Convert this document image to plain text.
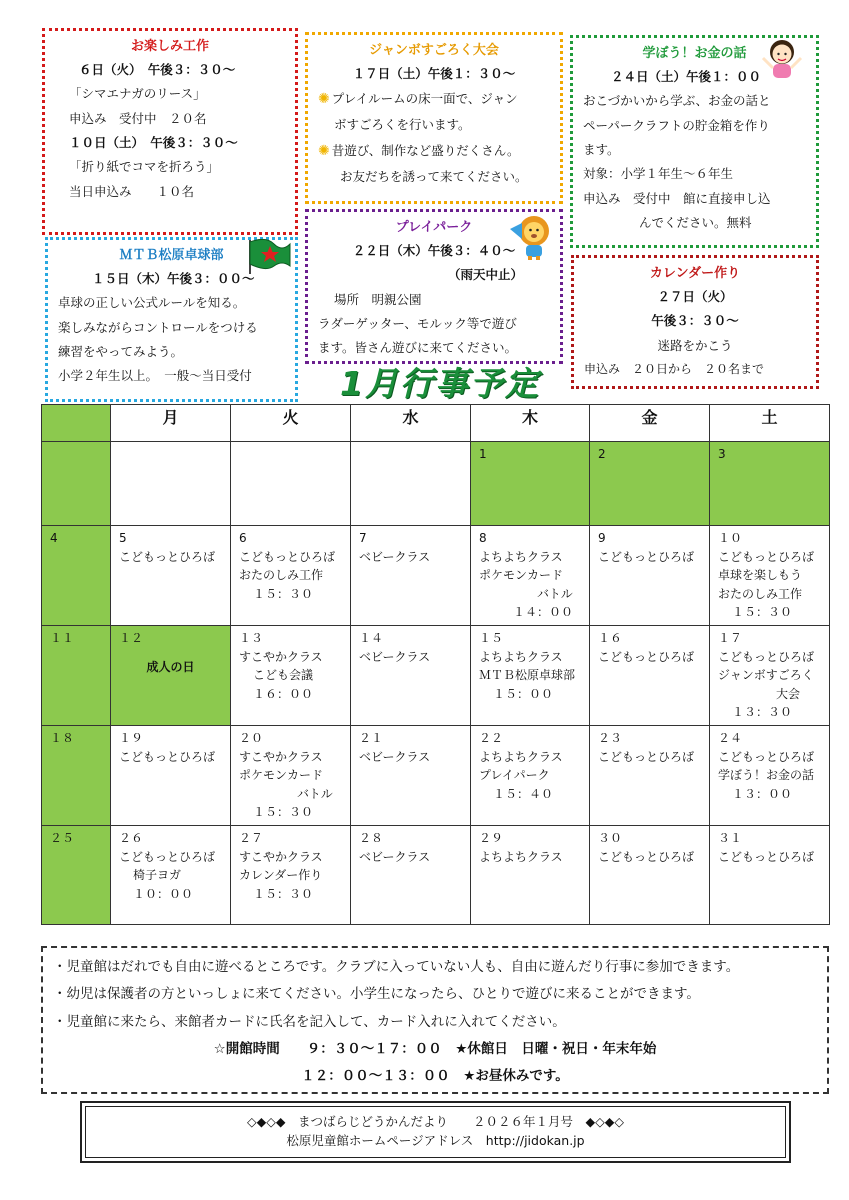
お楽しみ工作
６日（火）　午後３：３０～
「シマエナガのリース」
申込み　受付中　２０名
１０日（土）　午後３：３０～
「折り紙でコマを折ろう」
当日申込み　　１０名
ジャンボすごろく大会
１７日（土）午後１：３０～
✺ プレイルームの床一面で、ジャン
ボすごろくを行います。
✺ 昔遊び、制作など盛りだくさん。
お友だちを誘って来てください。
学ぼう！お金の話
２４日（土）午後１：００
おこづかいから学ぶ、お金の話と
ペーパークラフトの貯金箱を作り
ます。
対象：小学１年生～６年生
申込み　受付中　館に直接申し込
んでください。無料
ＭＴＢ松原卓球部
１５日（木）午後３：００～
卓球の正しい公式ルールを知る。
楽しみながらコントロールをつける
練習をやってみよう。
小学２年生以上。　一般～当日受付
プレイパーク
２２日（木）午後３：４０～
（雨天中止）
場所　明親公園
ラダーゲッター、モルック等で遊び
ます。皆さん遊びに来てください。
カレンダー作り
２７日（火）
午後３：３０～
迷路をかこう
申込み　２０日から　２０名まで
1月行事予定
	月	火	水	木	金	土

				1	2	3

4	5
こどもっとひろば	6
こどもっとひろば
おたのしみ工作
１５：３０	7
ベビークラス	8
よちよちクラス
ポケモンカード
バトル
１４：００	9
こどもっとひろば	１０
こどもっとひろば
卓球を楽しもう
おたのしみ工作
１５：３０

１１	１２
成人の日	１３
すこやかクラス
こども会議
１６：００	１４
ベビークラス	１５
よちよちクラス
ＭＴＢ松原卓球部
１５：００	１６
こどもっとひろば	１７
こどもっとひろば
ジャンボすごろく
大会
１３：３０

１８	１９
こどもっとひろば	２０
すこやかクラス
ポケモンカード
バトル
１５：３０	２１
ベビークラス	２２
よちよちクラス
プレイパーク
１５：４０	２３
こどもっとひろば	２４
こどもっとひろば
学ぼう！お金の話
１３：００

２５	２６
こどもっとひろば
椅子ヨガ
１０：００	２７
すこやかクラス
カレンダー作り
１５：３０	２８
ベビークラス	２９
よちよちクラス	３０
こどもっとひろば	３１
こどもっとひろば
・児童館はだれでも自由に遊べるところです。クラブに入っていない人も、自由に遊んだり行事に参加できます。
・幼児は保護者の方といっしょに来てください。小学生になったら、ひとりで遊びに来ることができます。
・児童館に来たら、来館者カードに氏名を記入して、カード入れに入れてください。
☆開館時間　　９：３０～１７：００　★休館日　日曜・祝日・年末年始
１２：００～１３：００　★お昼休みです。
◇◆◇◆　まつばらじどうかんだより　　２０２６年１月号　◆◇◆◇
松原児童館ホームページアドレス　http://jidokan.jp
